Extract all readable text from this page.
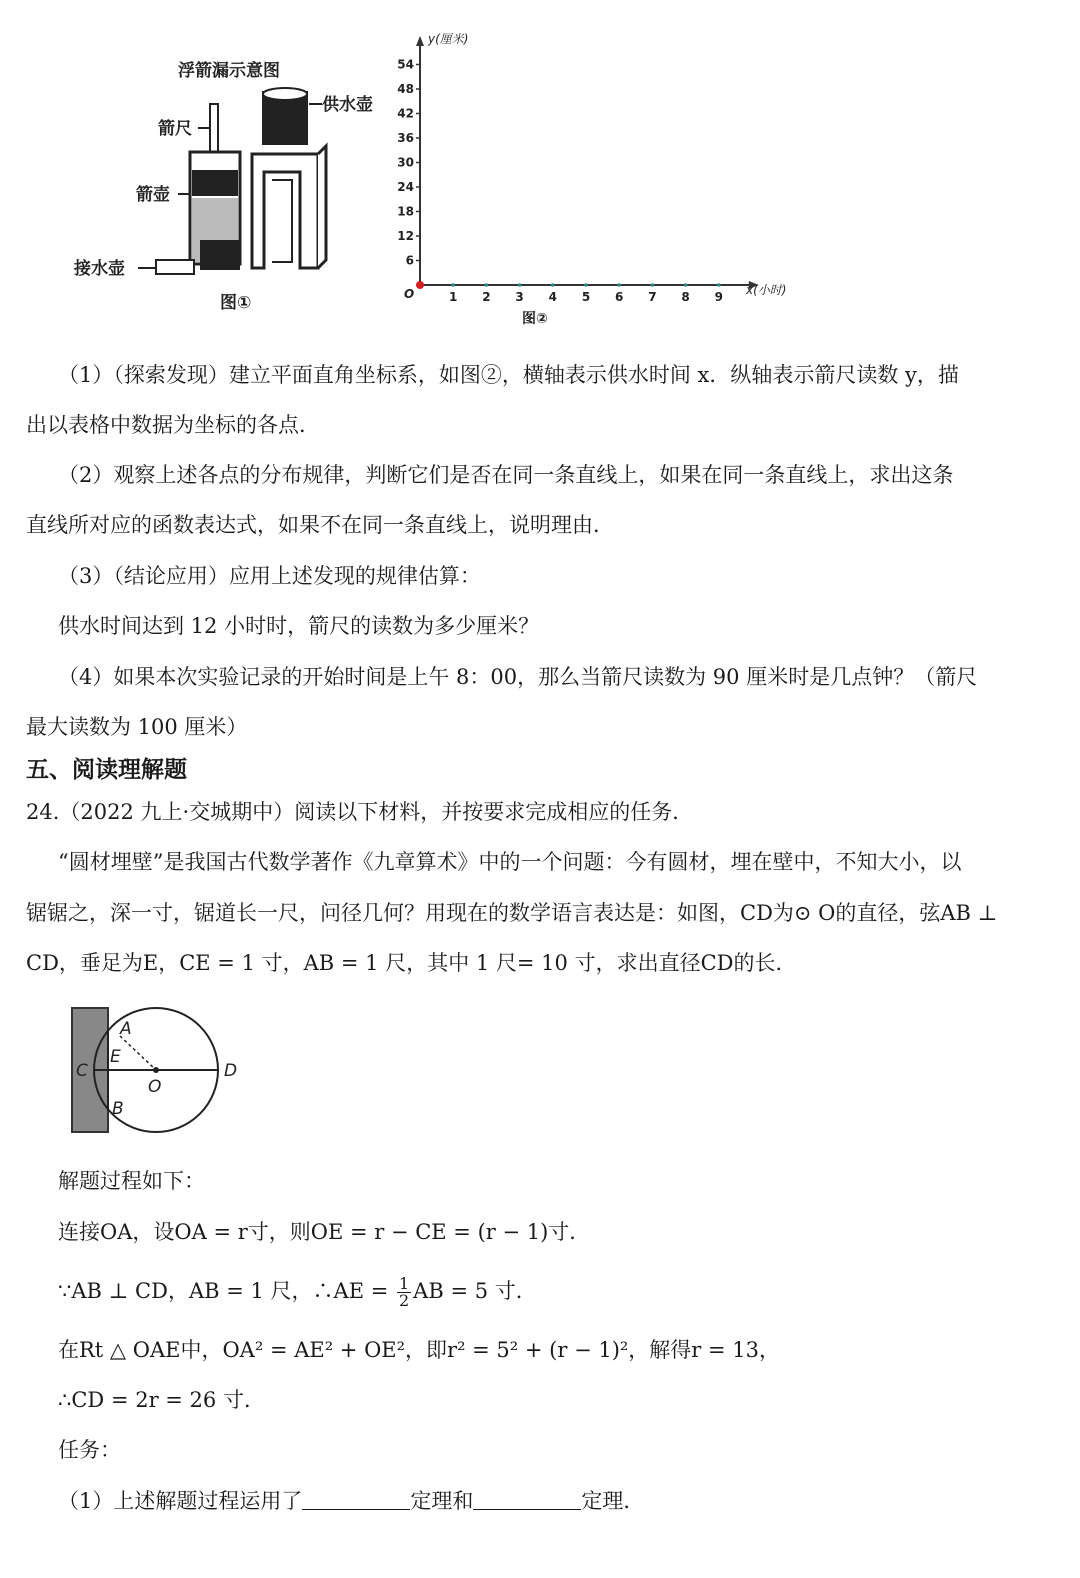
浮箭漏示意图
箭尺
箭壶
接水壶
供水壶
图①	1 2 3 4 5 6 7 8 9
6
12
18
24
30
36
42
48
54
y(厘米)
x(小时)
O
图②
（1）（探索发现）建立平面直角坐标系，如图②，横轴表示供水时间 x．纵轴表示箭尺读数 y，描
出以表格中数据为坐标的各点．
（2）观察上述各点的分布规律，判断它们是否在同一条直线上，如果在同一条直线上，求出这条
直线所对应的函数表达式，如果不在同一条直线上，说明理由．
（3）（结论应用）应用上述发现的规律估算：
供水时间达到 12 小时时，箭尺的读数为多少厘米？
（4）如果本次实验记录的开始时间是上午 8：00，那么当箭尺读数为 90 厘米时是几点钟？（箭尺
最大读数为 100 厘米）
五、阅读理解题
24.（2022 九上·交城期中）阅读以下材料，并按要求完成相应的任务．
“圆材埋壁”是我国古代数学著作《九章算术》中的一个问题：今有圆材，埋在壁中，不知大小，以
锯锯之，深一寸，锯道长一尺，问径几何？用现在的数学语言表达是：如图，CD为⊙ O的直径，弦AB ⊥
CD，垂足为E，CE = 1 寸，AB = 1 尺，其中 1 尺= 10 寸，求出直径CD的长．
A
E
C
O
D
B
解题过程如下：
连接OA，设OA = r寸，则OE = r − CE = (r − 1)寸．
∵AB ⊥ CD，AB = 1 尺，∴AE = $\frac{1}{2}$ AB = 5 寸．
在Rt △ OAE中，OA² = AE² + OE²，即r² = 5² + (r − 1)²，解得r = 13，
∴CD = 2r = 26 寸．
任务：
（1）上述解题过程运用了	定理和	定理．
